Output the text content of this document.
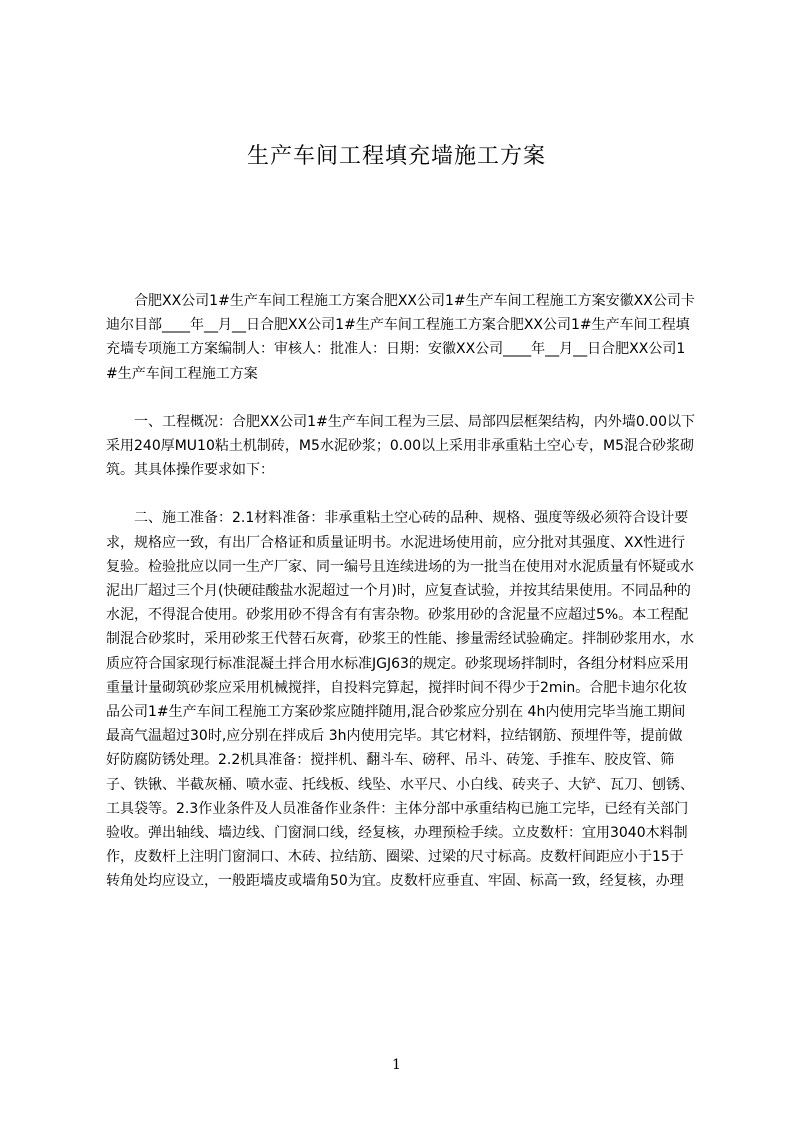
生产车间工程填充墙施工方案

合肥XX公司1#生产车间工程施工方案合肥XX公司1#生产车间工程施工方案安徽XX公司卡迪尔目部____年__月__日合肥XX公司1#生产车间工程施工方案合肥XX公司1#生产车间工程填充墙专项施工方案编制人：审核人：批准人：日期：安徽XX公司____年__月__日合肥XX公司1#生产车间工程施工方案

一、工程概况：合肥XX公司1#生产车间工程为三层、局部四层框架结构，内外墙0.00以下采用240厚MU10粘土机制砖，M5水泥砂浆；0.00以上采用非承重粘土空心专，M5混合砂浆砌筑。其具体操作要求如下：

二、施工准备：2.1材料准备：非承重粘土空心砖的品种、规格、强度等级必须符合设计要求，规格应一致，有出厂合格证和质量证明书。水泥进场使用前，应分批对其强度、XX性进行复验。检验批应以同一生产厂家、同一编号且连续进场的为一批当在使用对水泥质量有怀疑或水泥出厂超过三个月(快硬硅酸盐水泥超过一个月)时，应复查试验，并按其结果使用。不同品种的水泥，不得混合使用。砂浆用砂不得含有有害杂物。砂浆用砂的含泥量不应超过5%。本工程配制混合砂浆时，采用砂浆王代替石灰膏，砂浆王的性能、掺量需经试验确定。拌制砂浆用水，水质应符合国家现行标准混凝土拌合用水标准JGJ63的规定。砂浆现场拌制时，各组分材料应采用重量计量砌筑砂浆应采用机械搅拌，自投料完算起，搅拌时间不得少于2min。合肥卡迪尔化妆品公司1#生产车间工程施工方案砂浆应随拌随用,混合砂浆应分别在 4h内使用完毕当施工期间最高气温超过30时,应分别在拌成后 3h内使用完毕。其它材料，拉结钢筋、预埋件等，提前做好防腐防锈处理。2.2机具准备：搅拌机、翻斗车、磅秤、吊斗、砖笼、手推车、胶皮管、筛子、铁锹、半截灰桶、喷水壶、托线板、线坠、水平尺、小白线、砖夹子、大铲、瓦刀、刨锈、工具袋等。2.3作业条件及人员准备作业条件：主体分部中承重结构已施工完毕，已经有关部门验收。弹出轴线、墙边线、门窗洞口线，经复核，办理预检手续。立皮数杆：宜用3040木料制作，皮数杆上注明门窗洞口、木砖、拉结筋、圈梁、过梁的尺寸标高。皮数杆间距应小于15于转角处均应设立，一般距墙皮或墙角50为宜。皮数杆应垂直、牢固、标高一致，经复核，办理

1
